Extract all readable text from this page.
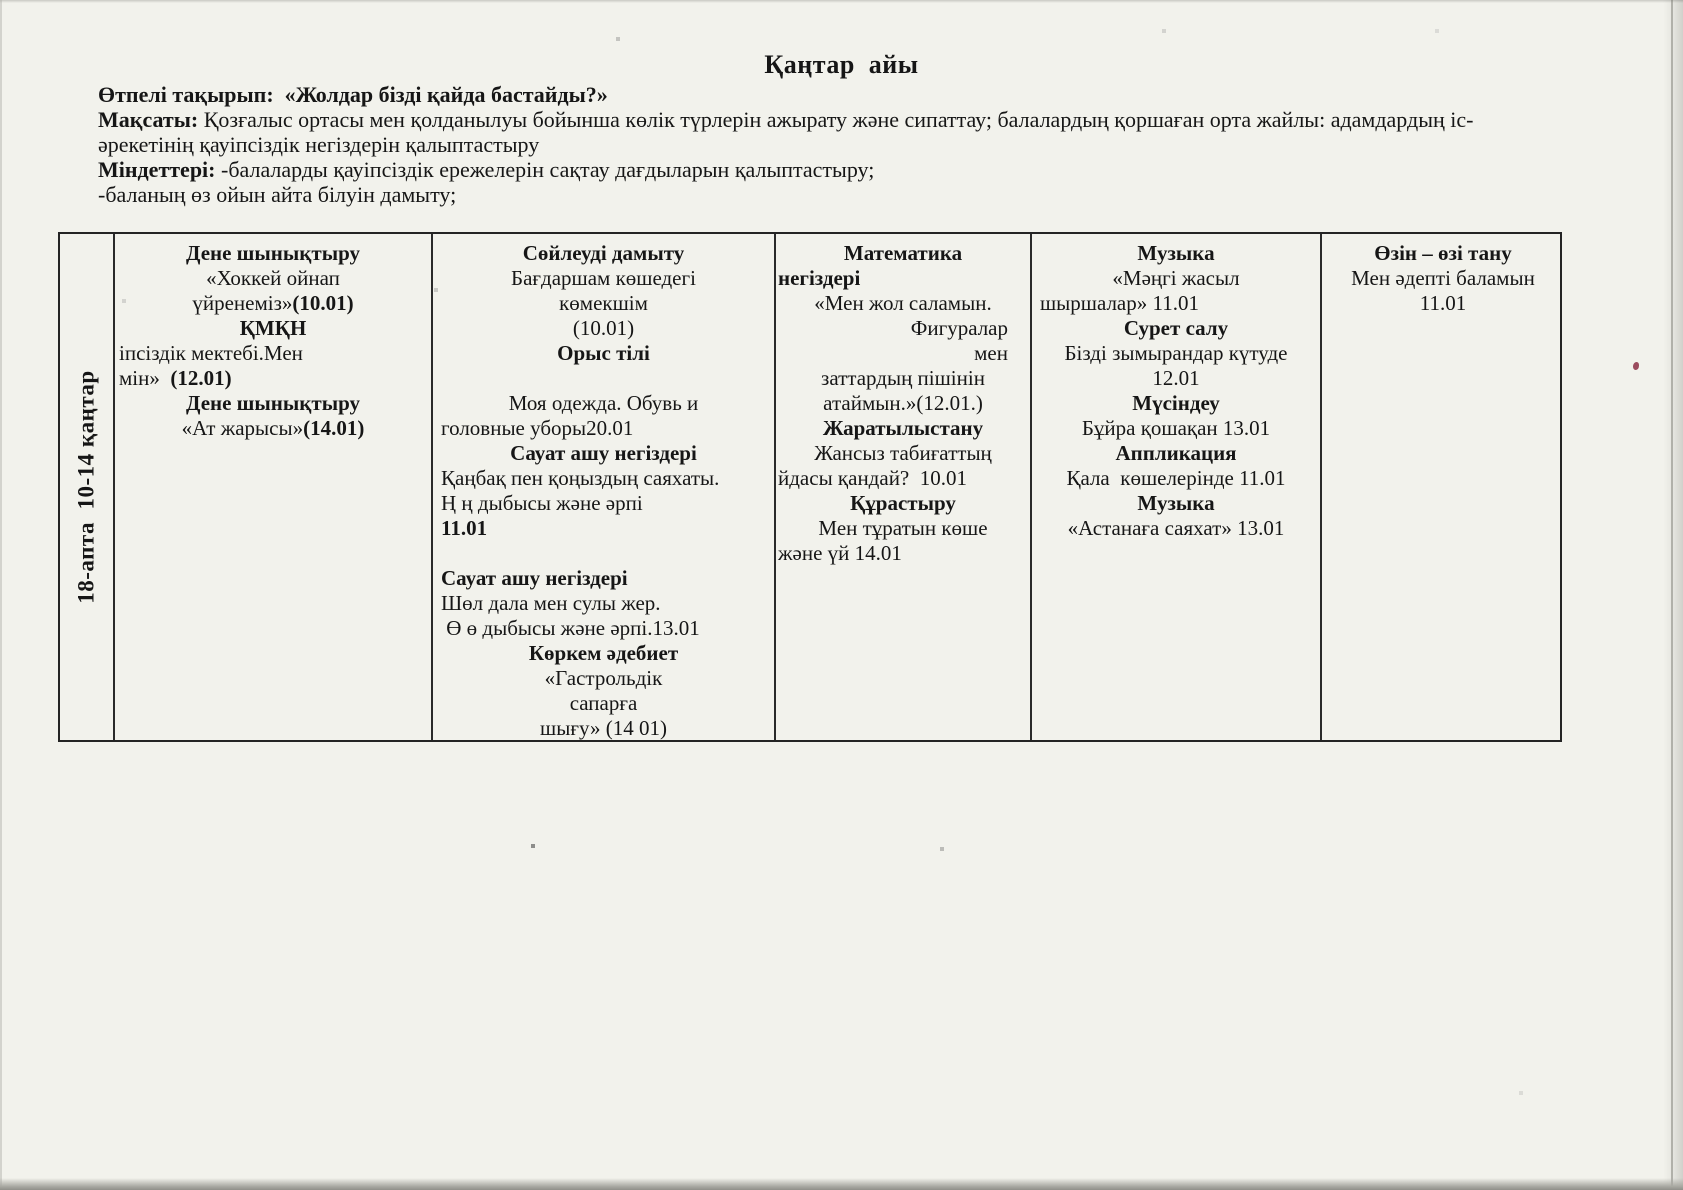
Қаңтар  айы
Өтпелі тақырып:  «Жолдар бізді қайда бастайды?»
Мақсаты: Қозғалыс ортасы мен қолданылуы бойынша көлік түрлерін ажырату және сипаттау; балалардың қоршаған орта жайлы: адамдардың іс-
әрекетінің қауіпсіздік негіздерін қалыптастыру
Міндеттері: -балаларды қауіпсіздік ережелерін сақтау дағдыларын қалыптастыру;
-баланың өз ойын айта білуін дамыту;
18-апта  10-14 қаңтар
Дене шынықтыру
«Хоккей ойнап
үйренеміз»(10.01)
ҚМҚН
іпсіздік мектебі.Мен
мін»  (12.01)
Дене шынықтыру
«Ат жарысы»(14.01)
Сөйлеуді дамыту
Бағдаршам көшедегі
көмекшім
(10.01)
Орыс тілі

Моя одежда. Обувь и
головные уборы20.01
Сауат ашу негіздері
Қаңбақ пен қоңыздың саяхаты.
Ң ң дыбысы және әрпі
11.01

Сауат ашу негіздері
Шөл дала мен сулы жер.
Ө ө дыбысы және әрпі.13.01
Көркем әдебиет
«Гастрольдік
сапарға
шығу» (14 01)
Математика
негіздері
«Мен жол саламын.
Фигуралар
мен
заттардың пішінін
атаймын.»(12.01.)
Жаратылыстану
Жансыз табиғаттың
йдасы қандай?  10.01
Құрастыру
Мен тұратын көше
және үй 14.01
Музыка
«Мәңгі жасыл
шыршалар» 11.01
Сурет салу
Бізді зымырандар күтуде
12.01
Мүсіндеу
Бұйра қошақан 13.01
Аппликация
Қала  көшелерінде 11.01
Музыка
«Астанаға саяхат» 13.01
Өзін – өзі тану
Мен әдепті баламын
11.01
